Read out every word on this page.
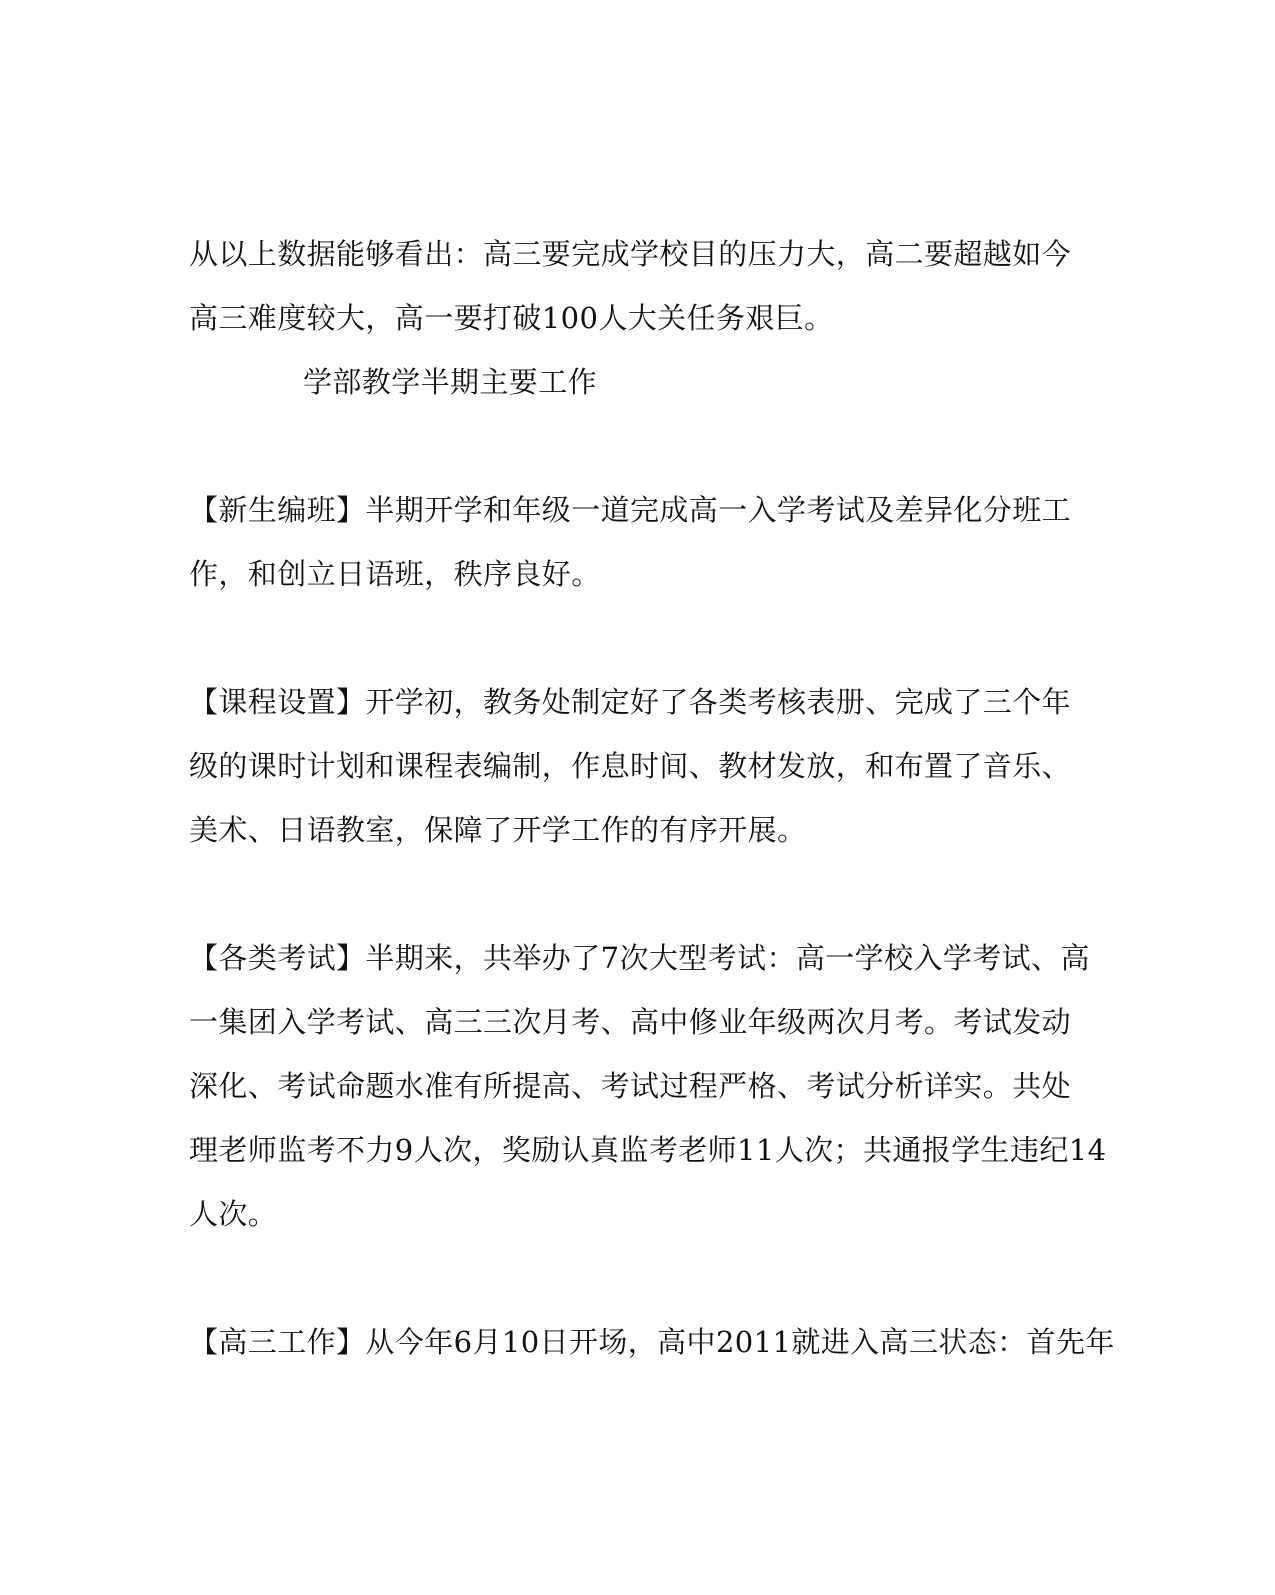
从以上数据能够看出：高三要完成学校目的压力大，高二要超越如今
高三难度较大，高一要打破100人大关任务艰巨。
学部教学半期主要工作
【新生编班】半期开学和年级一道完成高一入学考试及差异化分班工
作，和创立日语班，秩序良好。
【课程设置】开学初，教务处制定好了各类考核表册、完成了三个年
级的课时计划和课程表编制，作息时间、教材发放，和布置了音乐、
美术、日语教室，保障了开学工作的有序开展。
【各类考试】半期来，共举办了7次大型考试：高一学校入学考试、高
一集团入学考试、高三三次月考、高中修业年级两次月考。考试发动
深化、考试命题水准有所提高、考试过程严格、考试分析详实。共处
理老师监考不力9人次，奖励认真监考老师11人次；共通报学生违纪14
人次。
【高三工作】从今年6月10日开场，高中2011就进入高三状态：首先年
